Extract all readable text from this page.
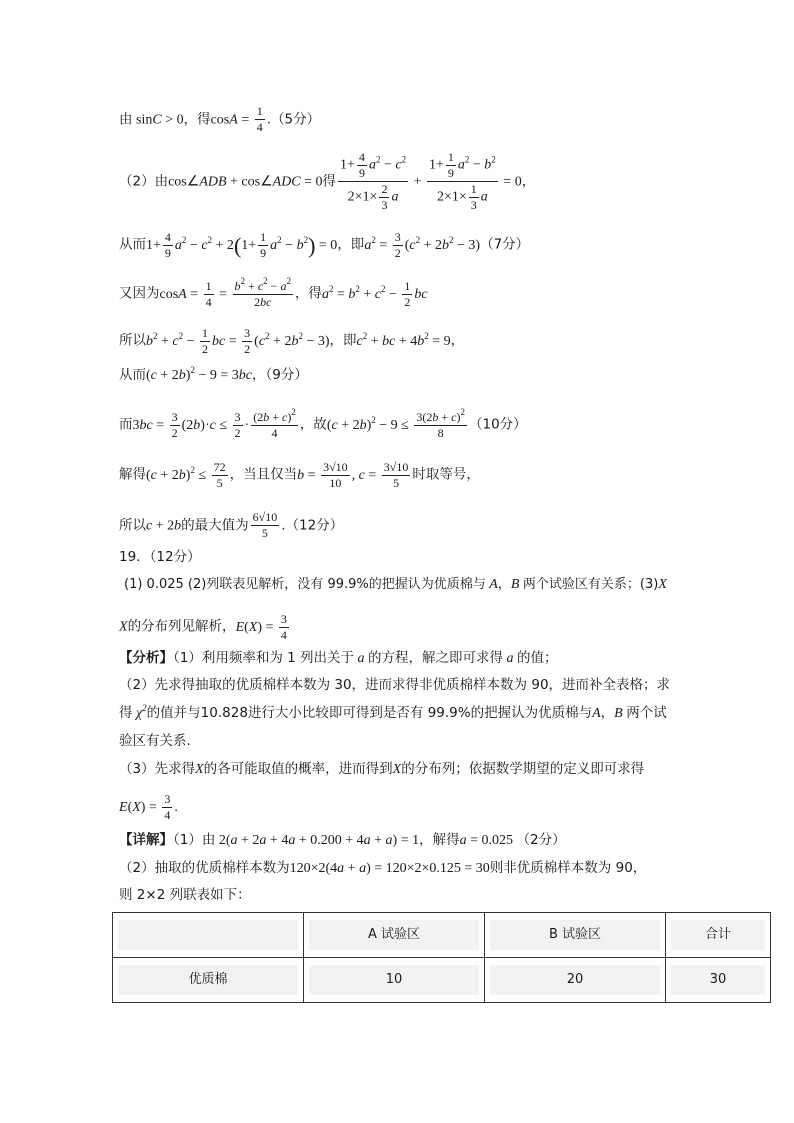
由 sinC > 0，得$\cos A = \frac{1}{4} .(5$分）
（2）由cos∠ADB + cos∠ADC = 0得 $\frac{1+ \frac{4}{9} a^2 - c^2}{2\times 1\times \frac{2}{3} a} + \frac{1+ \frac{1}{9} a^2 - b^2}{2\times 1\times \frac{1}{3} a} = 0$，
从而$1+ \frac{4}{9} a^2 - c^2 + 2(1+ \frac{1}{9} a^2 - b^2) = 0$，即$a^2 = \frac{3}{2} (c^2 + 2b^2 - 3)(7$分）
又因为$\cos A = \frac{1}{4} = \frac{b^2 + c^2 - a^2}{2bc}$ ，得$a^2 = b^2 + c^2 - \frac{1}{2}$ bc
所以$b^2 + c^2 - \frac{1}{2}$ bc = $\frac{3}{2} (c^2 + 2b^2 - 3)$，即$c^2$ + bc + $4b^2 = 9$，
从而$(c + 2b)^2 - 9 = 3bc$，（9分）
而$3bc = \frac{3}{2} (2b)\cdot c \le \frac{3}{2} \cdot \frac{(2b + c)^2}{4}$ ，故$(c + 2b)^2 - 9 \le \frac{3(2b + c)^2}{8} (10$分）
解得$(c + 2b)^2 \le \frac{72}{5}$ ，当且仅当$b = \frac{3√10}{10}$ , $c = \frac{3√10}{5}$ 时取等号，
所以c + 2b的最大值为 $\frac{6√10}{5} .(12$分）
19．（12分）
(1) 0.025 (2)列联表见解析，没有 99.9%的把握认为优质棉与 A，B 两个试验区有关系；(3)X
X的分布列见解析，$E(X) = \frac{3}{4}$
【分析】（1）利用频率和为 1 列出关于 a 的方程，解之即可求得 a 的值；
（2）先求得抽取的优质棉样本数为 30，进而求得非优质棉样本数为 90，进而补全表格；求
得 $\chi^2$的值并与10.828进行大小比较即可得到是否有 99.9%的把握认为优质棉与A，B 两个试
验区有关系.
（3）先求得X的各可能取值的概率，进而得到X的分布列；依据数学期望的定义即可求得
$E(X) = \frac{3}{4}$ .
【详解】（1）由 2(a + 2a + 4a + 0.200 + 4a + a) = 1，解得a = 0.025 （2分）
（2）抽取的优质棉样本数为120×2(4a + a) = 120×2×0.125 = 30则非优质棉样本数为 90，
则 2×2 列联表如下：

	A 试验区	B 试验区	合计

优质棉	10	20	30
